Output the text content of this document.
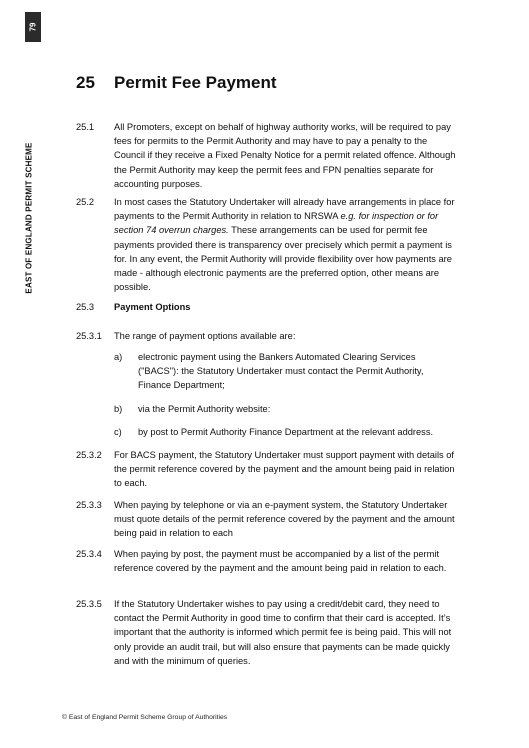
79
EAST OF ENGLAND PERMIT SCHEME
25 Permit Fee Payment
25.1 All Promoters, except on behalf of highway authority works, will be required to pay fees for permits to the Permit Authority and may have to pay a penalty to the Council if they receive a Fixed Penalty Notice for a permit related offence. Although the Permit Authority may keep the permit fees and FPN penalties separate for accounting purposes.
25.2 In most cases the Statutory Undertaker will already have arrangements in place for payments to the Permit Authority in relation to NRSWA e.g. for inspection or for section 74 overrun charges. These arrangements can be used for permit fee payments provided there is transparency over precisely which permit a payment is for. In any event, the Permit Authority will provide flexibility over how payments are made - although electronic payments are the preferred option, other means are possible.
25.3 Payment Options
25.3.1 The range of payment options available are:
a) electronic payment using the Bankers Automated Clearing Services ("BACS"): the Statutory Undertaker must contact the Permit Authority, Finance Department;
b) via the Permit Authority website:
c) by post to Permit Authority Finance Department at the relevant address.
25.3.2 For BACS payment, the Statutory Undertaker must support payment with details of the permit reference covered by the payment and the amount being paid in relation to each.
25.3.3 When paying by telephone or via an e-payment system, the Statutory Undertaker must quote details of the permit reference covered by the payment and the amount being paid in relation to each
25.3.4 When paying by post, the payment must be accompanied by a list of the permit reference covered by the payment and the amount being paid in relation to each.
25.3.5 If the Statutory Undertaker wishes to pay using a credit/debit card, they need to contact the Permit Authority in good time to confirm that their card is accepted. It’s important that the authority is informed which permit fee is being paid. This will not only provide an audit trail, but will also ensure that payments can be made quickly and with the minimum of queries.
© East of England Permit Scheme Group of Authorities
